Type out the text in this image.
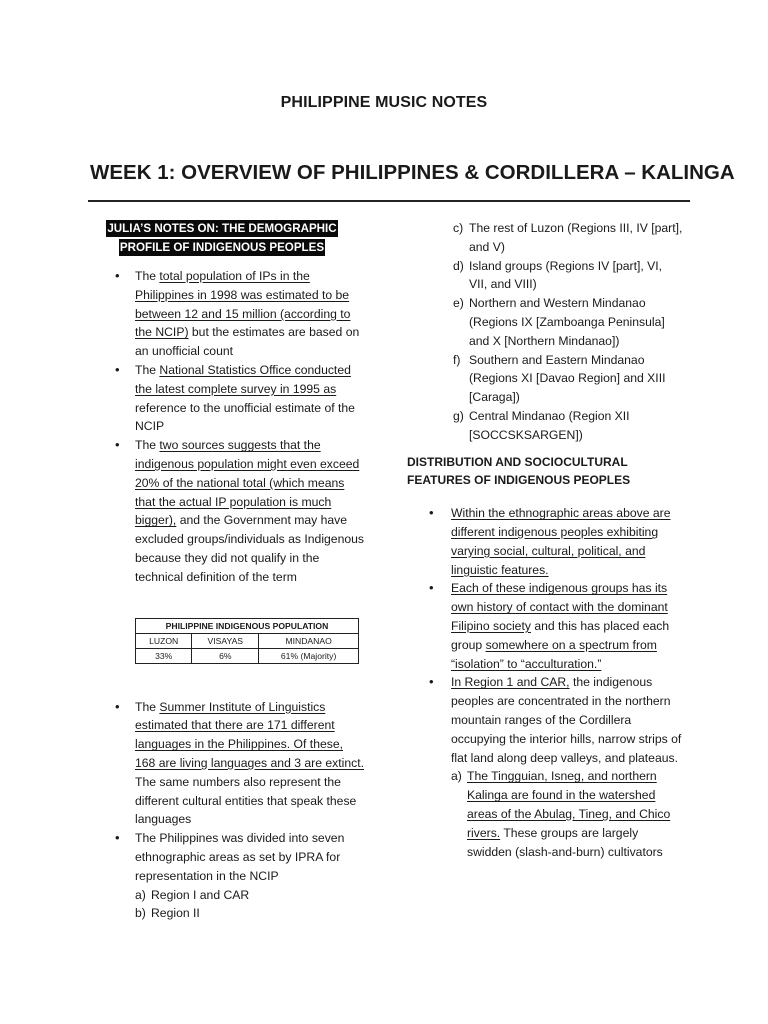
PHILIPPINE MUSIC NOTES
WEEK 1: OVERVIEW OF PHILIPPINES & CORDILLERA – KALINGA
JULIA’S NOTES ON: THE DEMOGRAPHIC
PROFILE OF INDIGENOUS PEOPLES
• The total population of IPs in the Philippines in 1998 was estimated to be between 12 and 15 million (according to the NCIP) but the estimates are based on an unofficial count
• The National Statistics Office conducted the latest complete survey in 1995 as reference to the unofficial estimate of the NCIP
• The two sources suggests that the indigenous population might even exceed 20% of the national total (which means that the actual IP population is much bigger), and the Government may have excluded groups/individuals as Indigenous because they did not qualify in the technical definition of the term
PHILIPPINE INDIGENOUS POPULATION		
LUZON	VISAYAS	MINDANAO
33%	6%	61% (Majority)
• The Summer Institute of Linguistics estimated that there are 171 different languages in the Philippines. Of these, 168 are living languages and 3 are extinct. The same numbers also represent the different cultural entities that speak these languages
• The Philippines was divided into seven ethnographic areas as set by IPRA for representation in the NCIP
a) Region I and CAR
b) Region II
c) The rest of Luzon (Regions III, IV [part], and V)
d) Island groups (Regions IV [part], VI, VII, and VIII)
e) Northern and Western Mindanao (Regions IX [Zamboanga Peninsula] and X [Northern Mindanao])
f) Southern and Eastern Mindanao (Regions XI [Davao Region] and XIII [Caraga])
g) Central Mindanao (Region XII [SOCCSKSARGEN])
DISTRIBUTION AND SOCIOCULTURAL
FEATURES OF INDIGENOUS PEOPLES
• Within the ethnographic areas above are different indigenous peoples exhibiting varying social, cultural, political, and linguistic features.
• Each of these indigenous groups has its own history of contact with the dominant Filipino society and this has placed each group somewhere on a spectrum from “isolation” to “acculturation.”
• In Region 1 and CAR, the indigenous peoples are concentrated in the northern mountain ranges of the Cordillera occupying the interior hills, narrow strips of flat land along deep valleys, and plateaus.
a) The Tingguian, Isneg, and northern Kalinga are found in the watershed areas of the Abulag, Tineg, and Chico rivers. These groups are largely swidden (slash-and-burn) cultivators
